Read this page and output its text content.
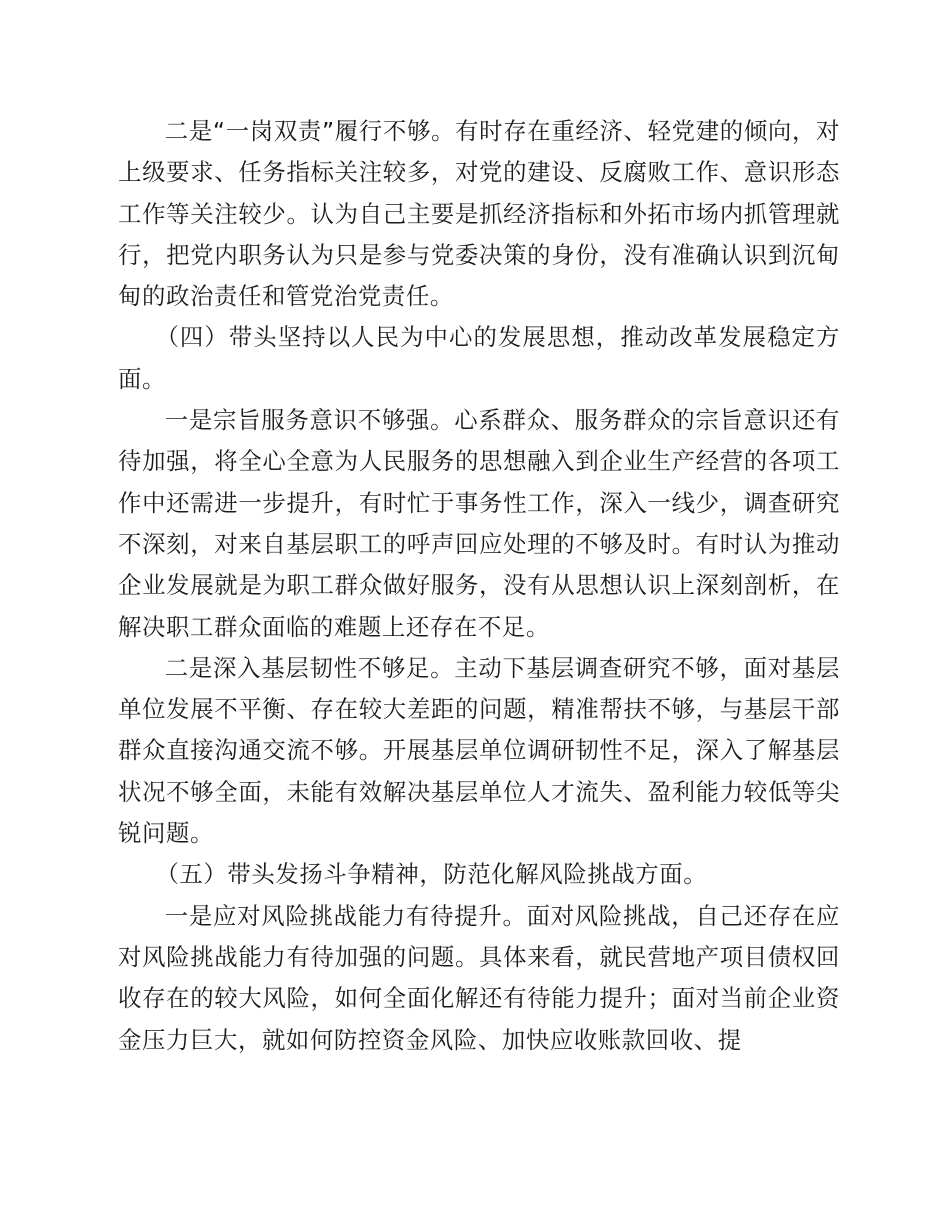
二是“一岗双责”履行不够。有时存在重经济、轻党建的倾向，对上级要求、任务指标关注较多，对党的建设、反腐败工作、意识形态工作等关注较少。认为自己主要是抓经济指标和外拓市场内抓管理就行，把党内职务认为只是参与党委决策的身份，没有准确认识到沉甸甸的政治责任和管党治党责任。

（四）带头坚持以人民为中心的发展思想，推动改革发展稳定方面。

一是宗旨服务意识不够强。心系群众、服务群众的宗旨意识还有待加强，将全心全意为人民服务的思想融入到企业生产经营的各项工作中还需进一步提升，有时忙于事务性工作，深入一线少，调查研究不深刻，对来自基层职工的呼声回应处理的不够及时。有时认为推动企业发展就是为职工群众做好服务，没有从思想认识上深刻剖析，在解决职工群众面临的难题上还存在不足。

二是深入基层韧性不够足。主动下基层调查研究不够，面对基层单位发展不平衡、存在较大差距的问题，精准帮扶不够，与基层干部群众直接沟通交流不够。开展基层单位调研韧性不足，深入了解基层状况不够全面，未能有效解决基层单位人才流失、盈利能力较低等尖锐问题。

（五）带头发扬斗争精神，防范化解风险挑战方面。

一是应对风险挑战能力有待提升。面对风险挑战，自己还存在应对风险挑战能力有待加强的问题。具体来看，就民营地产项目债权回收存在的较大风险，如何全面化解还有待能力提升；面对当前企业资金压力巨大，就如何防控资金风险、加快应收账款回收、提
